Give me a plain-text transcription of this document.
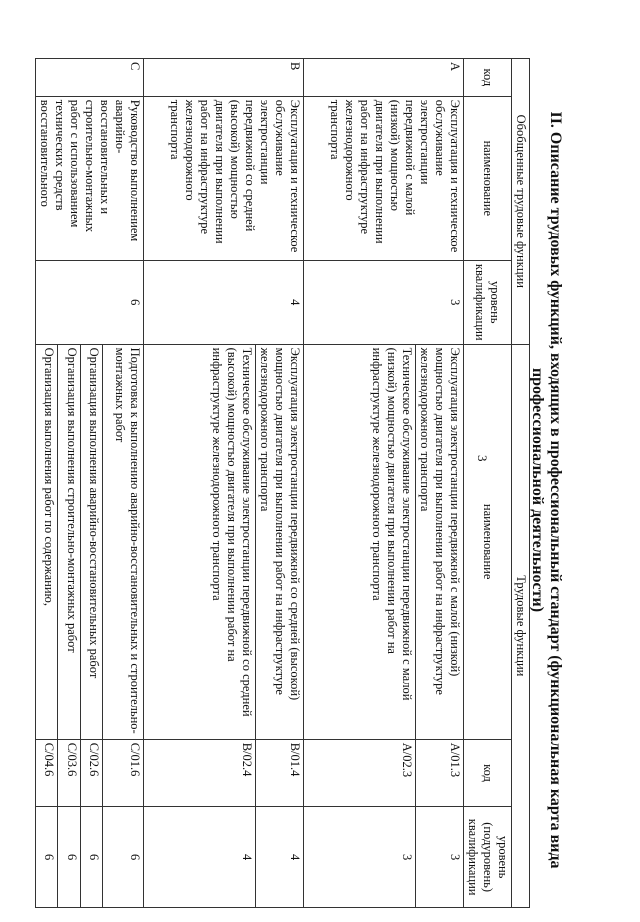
3	II. Описание трудовых функций, входящих в профессиональный стандарт (функциональная карта вида профессиональной деятельности)
Обобщенные трудовые функции			Трудовые функции		
код	наименование	уровень квалификации	наименование	код	уровень (подуровень) квалификации
A	Эксплуатация и техническое обслуживание электростанции передвижной с малой (низкой) мощностью двигателя при выполнении работ на инфраструктуре железнодорожного транспорта	3	Эксплуатация электростанции передвижной с малой (низкой) мощностью двигателя при выполнении работ на инфраструктуре железнодорожного транспорта	A/01.3	3
			Техническое обслуживание электростанции передвижной с малой (низкой) мощностью двигателя при выполнении работ на инфраструктуре железнодорожного транспорта	A/02.3	3
B	Эксплуатация и техническое обслуживание электростанции передвижной со средней (высокой) мощностью двигателя при выполнении работ на инфраструктуре железнодорожного транспорта	4	Эксплуатация электростанции передвижной со средней (высокой) мощностью двигателя при выполнении работ на инфраструктуре железнодорожного транспорта	B/01.4	4
			Техническое обслуживание электростанции передвижной со средней (высокой) мощностью двигателя при выполнении работ на инфраструктуре железнодорожного транспорта	B/02.4	4
C	Руководство выполнением аварийно-восстановительных и строительно-монтажных работ с использованием технических средств восстановительного	6	Подготовка к выполнению аварийно-восстановительных и строительно-монтажных работ	C/01.6	6
			Организация выполнения аварийно-восстановительных работ	C/02.6	6
			Организация выполнения строительно-монтажных работ	C/03.6	6
			Организация выполнения работ по содержанию,	C/04.6	6
